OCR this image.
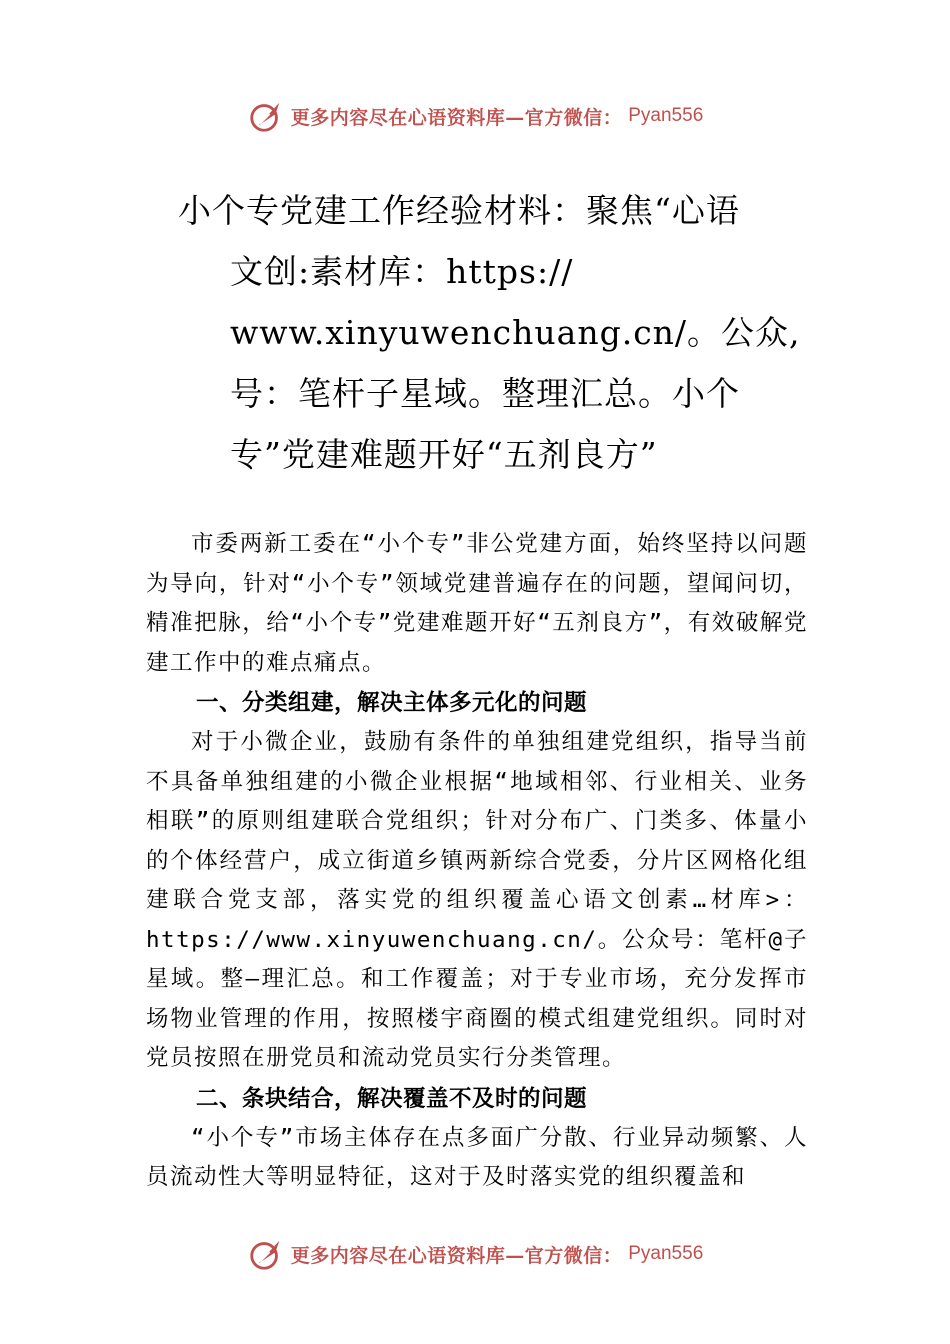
更多内容尽在心语资料库—官方微信： Pyan556
小个专党建工作经验材料：聚焦“心语
文创:素材库：https://
www.xinyuwenchuang.cn/。公众,
号：笔杆子星域。整理汇总。小个
专”党建难题开好“五剂良方”

市委两新工委在“小个专”非公党建方面，始终坚持以问题为导向，针对“小个专”领域党建普遍存在的问题，望闻问切，精准把脉，给“小个专”党建难题开好“五剂良方”，有效破解党建工作中的难点痛点。

一、分类组建，解决主体多元化的问题

对于小微企业，鼓励有条件的单独组建党组织，指导当前不具备单独组建的小微企业根据“地域相邻、行业相关、业务相联”的原则组建联合党组织；针对分布广、门类多、体量小的个体经营户，成立街道乡镇两新综合党委，分片区网格化组建联合党支部，落实党的组织覆盖心语文创素…材库>：https://www.xinyuwenchuang.cn/。公众号：笔杆@子星域。整—理汇总。和工作覆盖；对于专业市场，充分发挥市场物业管理的作用，按照楼宇商圈的模式组建党组织。同时对党员按照在册党员和流动党员实行分类管理。

二、条块结合，解决覆盖不及时的问题

“小个专”市场主体存在点多面广分散、行业异动频繁、人员流动性大等明显特征，这对于及时落实党的组织覆盖和

更多内容尽在心语资料库—官方微信： Pyan556
